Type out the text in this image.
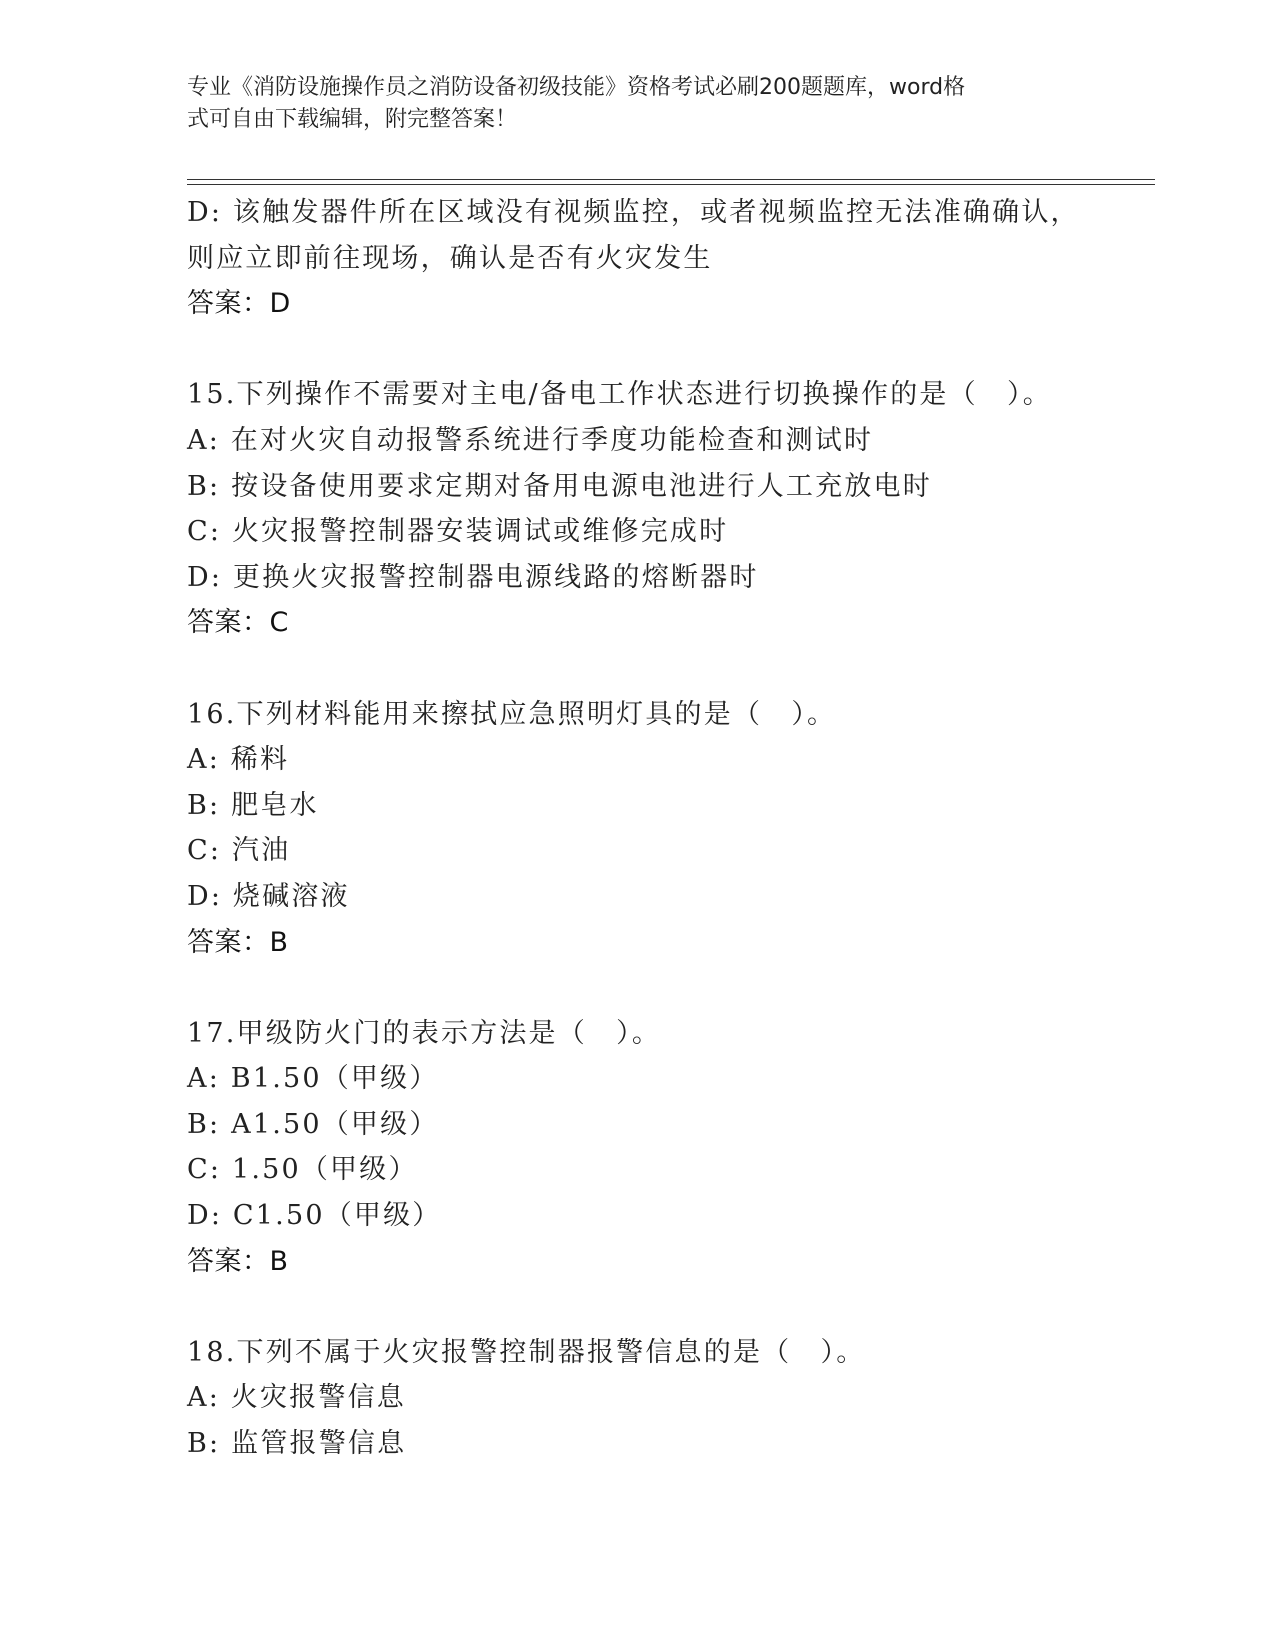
专业《消防设施操作员之消防设备初级技能》资格考试必刷200题题库，word格
式可自由下载编辑，附完整答案！
D: 该触发器件所在区域没有视频监控，或者视频监控无法准确确认，
则应立即前往现场，确认是否有火灾发生
答案：D
15.下列操作不需要对主电/备电工作状态进行切换操作的是（　）。
A: 在对火灾自动报警系统进行季度功能检查和测试时
B: 按设备使用要求定期对备用电源电池进行人工充放电时
C: 火灾报警控制器安装调试或维修完成时
D: 更换火灾报警控制器电源线路的熔断器时
答案：C
16.下列材料能用来擦拭应急照明灯具的是（　）。
A: 稀料
B: 肥皂水
C: 汽油
D: 烧碱溶液
答案：B
17.甲级防火门的表示方法是（　）。
A: B1.50（甲级）
B: A1.50（甲级）
C: 1.50（甲级）
D: C1.50（甲级）
答案：B
18.下列不属于火灾报警控制器报警信息的是（　）。
A: 火灾报警信息
B: 监管报警信息
